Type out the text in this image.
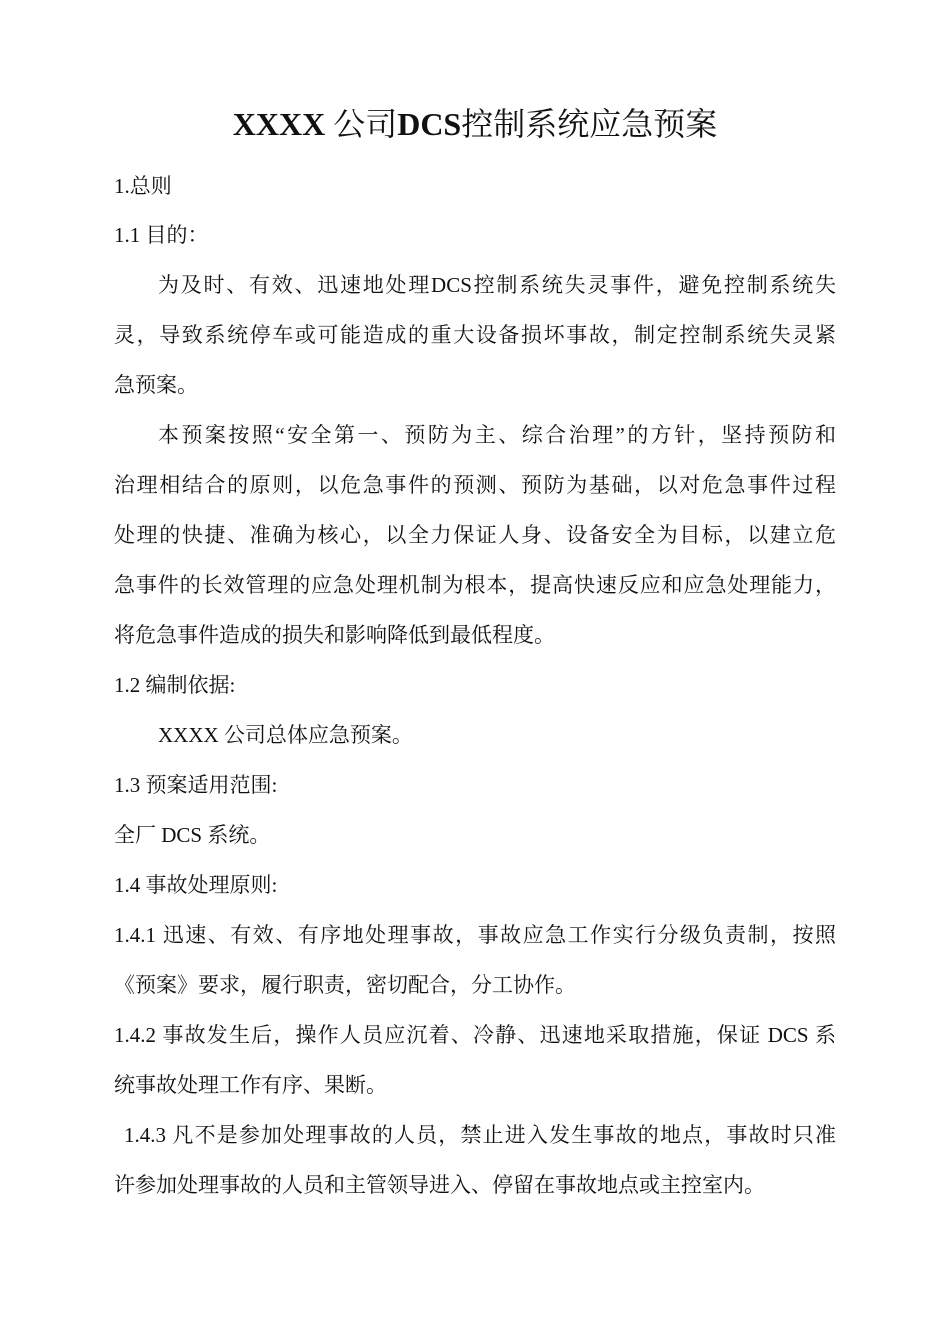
XXXX 公司DCS控制系统应急预案
1.总则
1.1 目的：
为及时、有效、迅速地处理DCS控制系统失灵事件，避免控制系统失
灵，导致系统停车或可能造成的重大设备损坏事故，制定控制系统失灵紧
急预案。
本预案按照“安全第一、预防为主、综合治理”的方针，坚持预防和
治理相结合的原则，以危急事件的预测、预防为基础，以对危急事件过程
处理的快捷、准确为核心，以全力保证人身、设备安全为目标，以建立危
急事件的长效管理的应急处理机制为根本，提高快速反应和应急处理能力，
将危急事件造成的损失和影响降低到最低程度。
1.2 编制依据:
XXXX 公司总体应急预案。
1.3 预案适用范围:
全厂 DCS 系统。
1.4 事故处理原则:
1.4.1 迅速、有效、有序地处理事故，事故应急工作实行分级负责制，按照
《预案》要求，履行职责，密切配合，分工协作。
1.4.2 事故发生后，操作人员应沉着、冷静、迅速地采取措施，保证 DCS 系
统事故处理工作有序、果断。
1.4.3 凡不是参加处理事故的人员，禁止进入发生事故的地点，事故时只准
许参加处理事故的人员和主管领导进入、停留在事故地点或主控室内。
